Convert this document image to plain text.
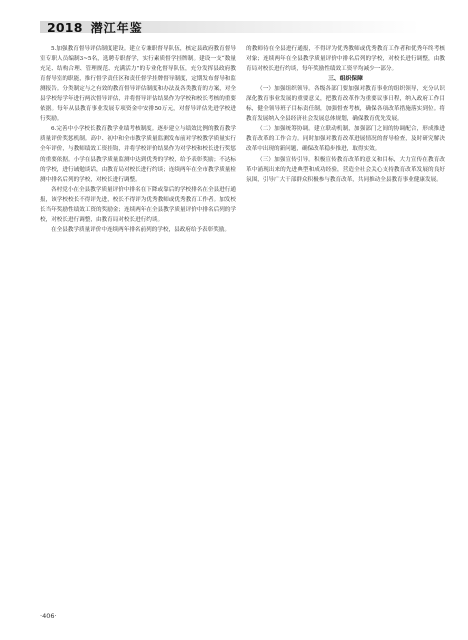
2018 潜江年鉴

5.加强教育督导评估制度建设。建立专兼职督导队伍，核定县政府教育督导室专职人员编制3~5名，选聘专职督学，实行素质督学挂牌制。建设一支“数量充足、结构合理、管理规范、充满活力”的专业化督导队伍，充分发挥县政府教育督导室的职能，推行督学责任区和责任督学挂牌督导制度，定期发布督导和监测报告。分类制定与之有效的教育督导评估制度和办法及各类教育的方案，对全县学校每学年进行两次督导评估，并将督导评估结果作为学校和校长考核的重要依据。每年从县教育事业发展专项资金中安排50万元，对督导评估先进学校进行奖励。

6.完善中小学校长教育教学业绩考核制度。逐步建立与绩效比例的教育教学质量评价奖惩机制。高中、初中和全市教学质量监测发布前对学校教学质量实行全年评价，与教师绩效工资挂钩，并将学校评价结果作为对学校和校长进行奖惩的重要依据。小学在县教学质量监测中达到优秀的学校，给予表彰奖励；不达标的学校，进行诫勉谈话，由教育局对校长进行约谈；连续两年在全市教学质量检测中排名后列的学校，对校长进行调整。

各村党小在全县教学质量评价中排名在下降或靠后的学校排名在全县进行通报，该学校校长不得评先进，校长不得评为优秀教师或优秀教育工作者。加发校长当年奖励性绩效工资的奖励金；连续两年在全县教学质量评价中排名后列的学校，对校长进行调整，由教育局对校长进行约谈。

在全县教学质量评价中连续两年排名前列的学校，县政府给予表彰奖励。

的教师待在全县进行通报，不得评为优秀教师或优秀教育工作者和优秀年终考核对象；连续两年在全县教学质量评价中排名后列的学校，对校长进行调整，由教育局对校长进行约谈，每年奖励性绩效工资平均减少一部分。

三、组织保障

（一）加强组织领导。各级各部门要加强对教育事业的组织领导，充分认识深化教育事业发展的重要意义，把教育改革作为重要议事日程，纳入政府工作目标，健全领导班子目标责任制，加强督查考核，确保各项改革措施落实到位。将教育发展纳入全县经济社会发展总体规划，确保教育优先发展。

（二）加强统筹协调。建立联动机制，加强部门之间的协调配合，形成推进教育改革的工作合力。同时加强对教育改革进展情况的督导检查，及时研究解决改革中出现的新问题，确保改革稳步推进，取得实效。

（三）加强宣传引导。积极宣传教育改革的意义和目标，大力宣传在教育改革中涌现出来的先进典型和成功经验，营造全社会关心支持教育改革发展的良好氛围，引导广大干部群众积极参与教育改革，共同推动全县教育事业健康发展。

·406·
